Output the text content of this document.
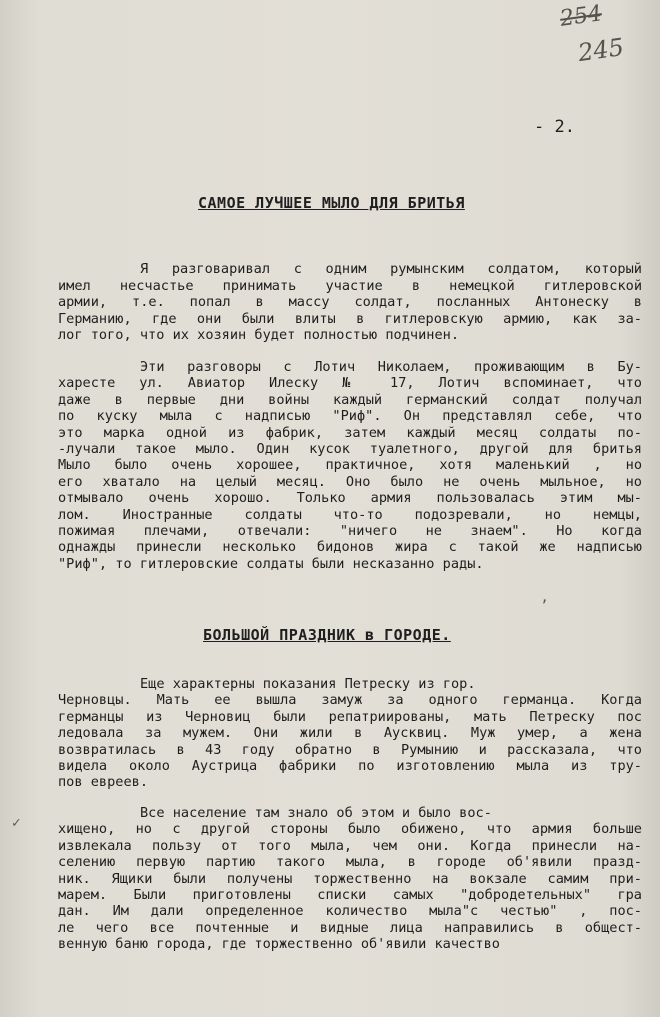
254
245
- 2.
САМОЕ ЛУЧШЕЕ МЫЛО ДЛЯ БРИТЬЯ
Я разговаривал с одним румынским солдатом, который
имел несчастье принимать участие в немецкой гитлеровской
армии, т.е. попал в массу солдат, посланных Антонеску в
Германию, где они были влиты в гитлеровскую армию, как за-
лог того, что их хозяин будет полностью подчинен.
Эти разговоры с Лотич Николаем, проживающим в Бу-
харесте ул. Авиатор Илеску № 17, Лотич вспоминает, что
даже в первые дни войны каждый германский солдат получал
по куску мыла с надписью "Риф". Он представлял себе, что
это марка одной из фабрик, затем каждый месяц солдаты по-
-лучали такое мыло. Один кусок туалетного, другой для бритья
Мыло было очень хорошее, практичное, хотя маленький , но
его хватало на целый месяц. Оно было не очень мыльное, но
отмывало очень хорошо. Только армия пользовалась этим мы-
лом. Иностранные солдаты что-то подозревали, но немцы,
пожимая плечами, отвечали: "ничего не знаем". Но когда
однажды принесли несколько бидонов жира с такой же надписью
"Риф", то гитлеровские солдаты были несказанно рады.
ʼ
БОЛЬШОЙ ПРАЗДНИК в ГОРОДЕ.
Еще характерны показания Петреску из гор.
Черновцы. Мать ее вышла замуж за одного германца. Когда
германцы из Черновиц были репатриированы, мать Петреску пос
ледовала за мужем. Они жили в Аусквиц. Муж умер, а жена
возвратилась в 43 году обратно в Румынию и рассказала, что
видела около Аустрица фабрики по изготовлению мыла из тру-
пов евреев.
✓
Все население там знало об этом и было вос-
хищено, но с другой стороны было обижено, что армия больше
извлекала пользу от того мыла, чем они. Когда принесли на-
селению первую партию такого мыла, в городе об'явили празд-
ник. Ящики были получены торжественно на вокзале самим при-
марем. Были приготовлены списки самых "добродетельных" гра
дан. Им дали определенное количество мыла"с честью" , пос-
ле чего все почтенные и видные лица направились в общест-
венную баню города, где торжественно об'явили качество
